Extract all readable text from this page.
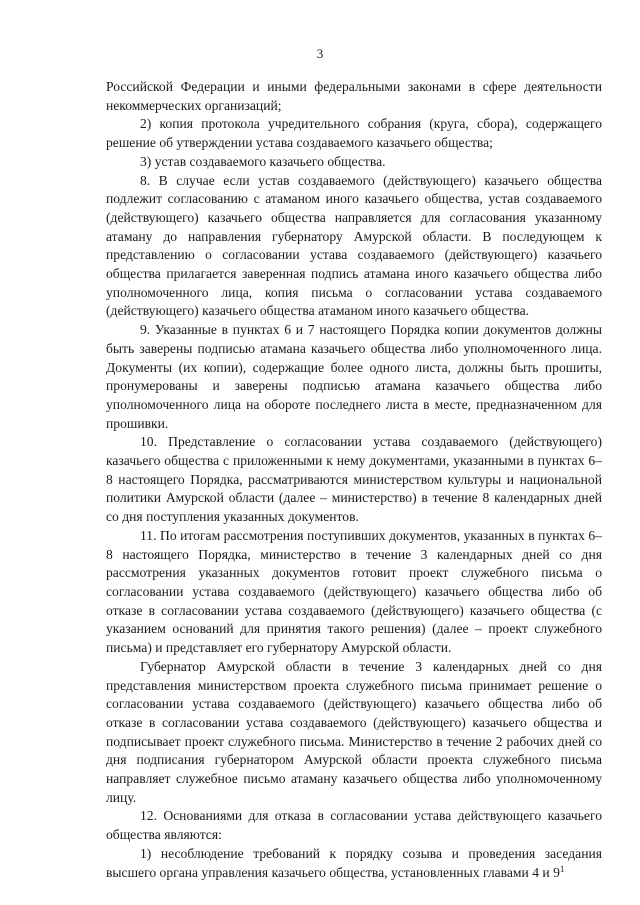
3

Российской Федерации и иными федеральными законами в сфере деятельности некоммерческих организаций;

2) копия протокола учредительного собрания (круга, сбора), содержащего решение об утверждении устава создаваемого казачьего общества;

3) устав создаваемого казачьего общества.

8. В случае если устав создаваемого (действующего) казачьего общества подлежит согласованию с атаманом иного казачьего общества, устав создаваемого (действующего) казачьего общества направляется для согласования указанному атаману до направления губернатору Амурской области. В последующем к представлению о согласовании устава создаваемого (действующего) казачьего общества прилагается заверенная подпись атамана иного казачьего общества либо уполномоченного лица, копия письма о согласовании устава создаваемого (действующего) казачьего общества атаманом иного казачьего общества.

9. Указанные в пунктах 6 и 7 настоящего Порядка копии документов должны быть заверены подписью атамана казачьего общества либо уполномоченного лица. Документы (их копии), содержащие более одного листа, должны быть прошиты, пронумерованы и заверены подписью атамана казачьего общества либо уполномоченного лица на обороте последнего листа в месте, предназначенном для прошивки.

10. Представление о согласовании устава создаваемого (действующего) казачьего общества с приложенными к нему документами, указанными в пунктах 6–8 настоящего Порядка, рассматриваются министерством культуры и национальной политики Амурской области (далее – министерство) в течение 8 календарных дней со дня поступления указанных документов.

11. По итогам рассмотрения поступивших документов, указанных в пунктах 6–8 настоящего Порядка, министерство в течение 3 календарных дней со дня рассмотрения указанных документов готовит проект служебного письма о согласовании устава создаваемого (действующего) казачьего общества либо об отказе в согласовании устава создаваемого (действующего) казачьего общества (с указанием оснований для принятия такого решения) (далее – проект служебного письма) и представляет его губернатору Амурской области.

Губернатор Амурской области в течение 3 календарных дней со дня представления министерством проекта служебного письма принимает решение о согласовании устава создаваемого (действующего) казачьего общества либо об отказе в согласовании устава создаваемого (действующего) казачьего общества и подписывает проект служебного письма. Министерство в течение 2 рабочих дней со дня подписания губернатором Амурской области проекта служебного письма направляет служебное письмо атаману казачьего общества либо уполномоченному лицу.

12. Основаниями для отказа в согласовании устава действующего казачьего общества являются:

1) несоблюдение требований к порядку созыва и проведения заседания высшего органа управления казачьего общества, установленных главами 4 и $9^1$
